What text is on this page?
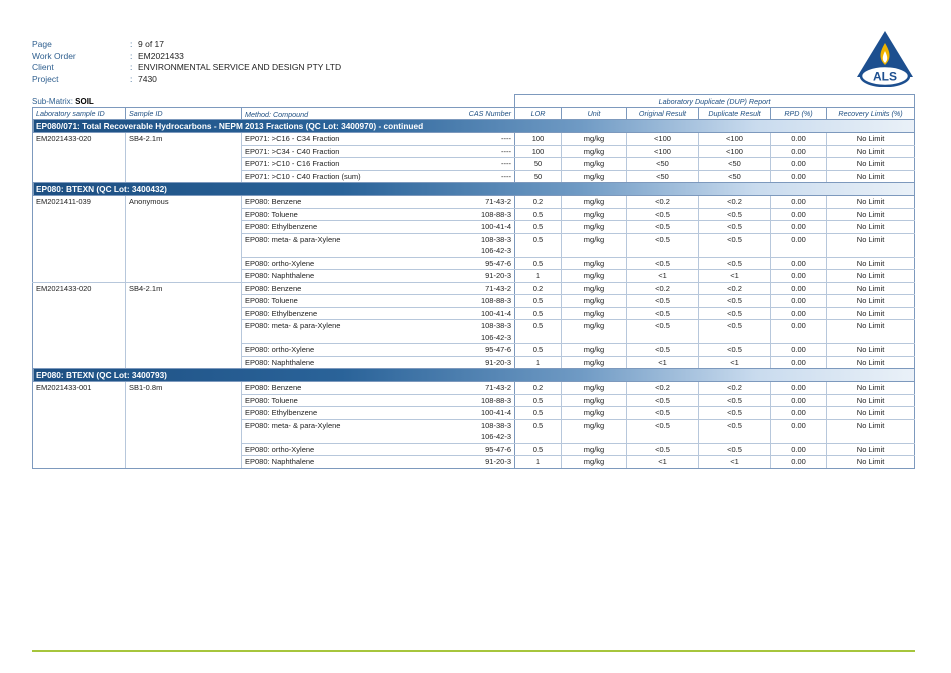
Page	: 9 of 17
Work Order	: EM2021433
Client	: ENVIRONMENTAL SERVICE AND DESIGN PTY LTD
Project	: 7430	ALS
Sub-Matrix: SOIL
				Laboratory Duplicate (DUP) Report					
Laboratory sample ID	Sample ID	Method: Compound	CAS Number	LOR	Unit	Original Result	Duplicate Result	RPD (%)	Recovery Limits (%)
EP080/071: Total Recoverable Hydrocarbons - NEPM 2013 Fractions (QC Lot: 3400970) - continued									
EM2021433-020	SB4-2.1m	EP071: >C16 - C34 Fraction	----	100	mg/kg	<100	<100	0.00	No Limit
		EP071: >C34 - C40 Fraction	----	100	mg/kg	<100	<100	0.00	No Limit
		EP071: >C10 - C16 Fraction	----	50	mg/kg	<50	<50	0.00	No Limit
		EP071: >C10 - C40 Fraction (sum)	----	50	mg/kg	<50	<50	0.00	No Limit
EP080: BTEXN (QC Lot: 3400432)									
EM2021411-039	Anonymous	EP080: Benzene	71-43-2	0.2	mg/kg	<0.2	<0.2	0.00	No Limit
		EP080: Toluene	108-88-3	0.5	mg/kg	<0.5	<0.5	0.00	No Limit
		EP080: Ethylbenzene	100-41-4	0.5	mg/kg	<0.5	<0.5	0.00	No Limit
		EP080: meta- & para-Xylene	108-38-3	0.5	mg/kg	<0.5	<0.5	0.00	No Limit
			106-42-3						
		EP080: ortho-Xylene	95-47-6	0.5	mg/kg	<0.5	<0.5	0.00	No Limit
		EP080: Naphthalene	91-20-3	1	mg/kg	<1	<1	0.00	No Limit
EM2021433-020	SB4-2.1m	EP080: Benzene	71-43-2	0.2	mg/kg	<0.2	<0.2	0.00	No Limit
		EP080: Toluene	108-88-3	0.5	mg/kg	<0.5	<0.5	0.00	No Limit
		EP080: Ethylbenzene	100-41-4	0.5	mg/kg	<0.5	<0.5	0.00	No Limit
		EP080: meta- & para-Xylene	108-38-3	0.5	mg/kg	<0.5	<0.5	0.00	No Limit
			106-42-3						
		EP080: ortho-Xylene	95-47-6	0.5	mg/kg	<0.5	<0.5	0.00	No Limit
		EP080: Naphthalene	91-20-3	1	mg/kg	<1	<1	0.00	No Limit
EP080: BTEXN (QC Lot: 3400793)									
EM2021433-001	SB1-0.8m	EP080: Benzene	71-43-2	0.2	mg/kg	<0.2	<0.2	0.00	No Limit
		EP080: Toluene	108-88-3	0.5	mg/kg	<0.5	<0.5	0.00	No Limit
		EP080: Ethylbenzene	100-41-4	0.5	mg/kg	<0.5	<0.5	0.00	No Limit
		EP080: meta- & para-Xylene	108-38-3	0.5	mg/kg	<0.5	<0.5	0.00	No Limit
			106-42-3						
		EP080: ortho-Xylene	95-47-6	0.5	mg/kg	<0.5	<0.5	0.00	No Limit
		EP080: Naphthalene	91-20-3	1	mg/kg	<1	<1	0.00	No Limit
